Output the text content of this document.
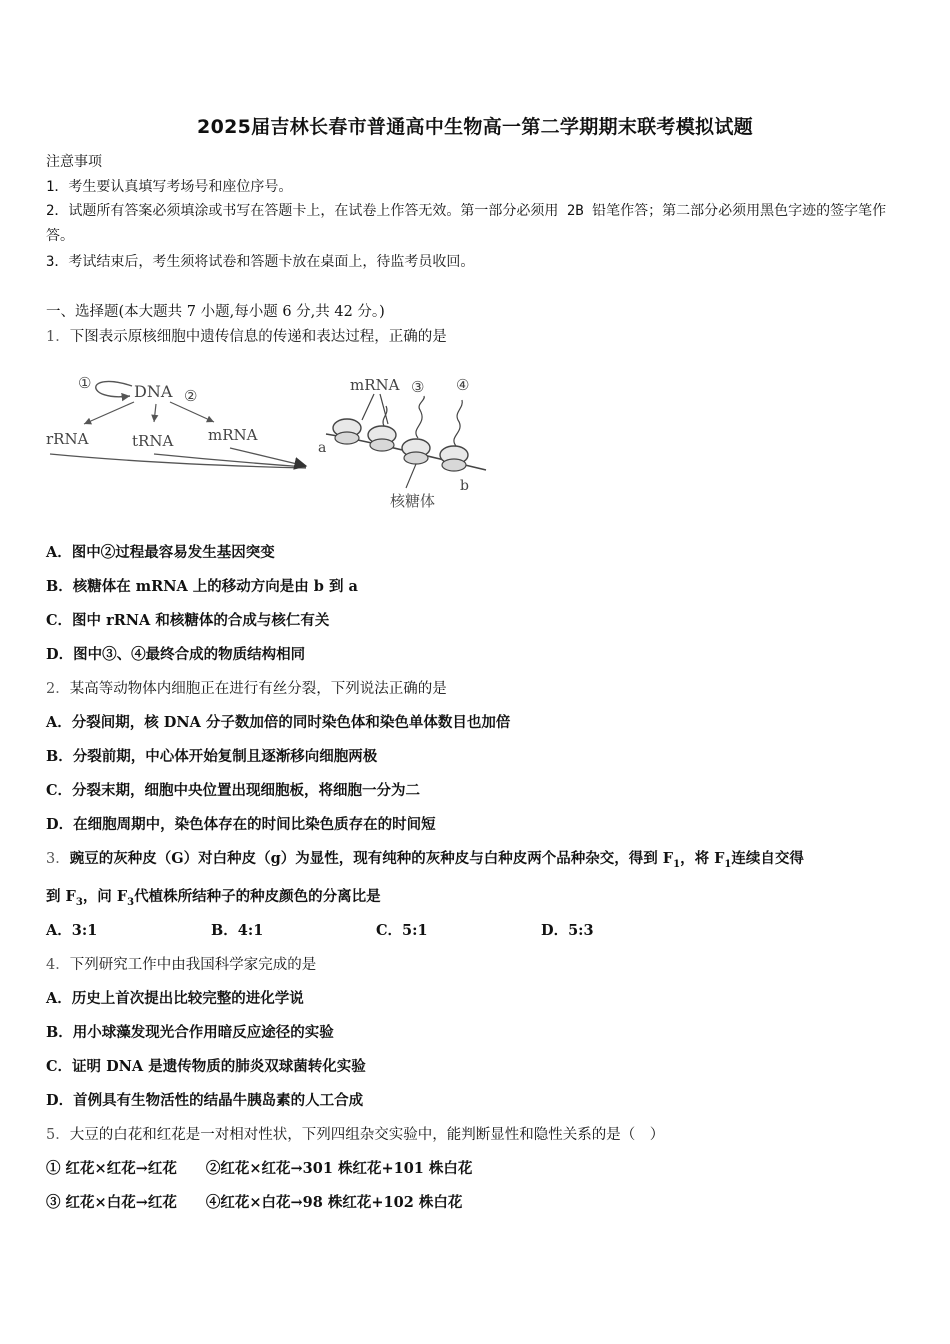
2025届吉林长春市普通高中生物高一第二学期期末联考模拟试题
注意事项
1．考生要认真填写考场号和座位序号。
2．试题所有答案必须填涂或书写在答题卡上，在试卷上作答无效。第一部分必须用 2B 铅笔作答；第二部分必须用黑色字迹的签字笔作答。
3．考试结束后，考生须将试卷和答题卡放在桌面上，待监考员收回。
一、选择题(本大题共 7 小题,每小题 6 分,共 42 分。)
1．下图表示原核细胞中遗传信息的传递和表达过程，正确的是
①	DNA ②
rRNA	tRNA mRNA
mRNA ③ ④
a
b
核糖体
A．图中②过程最容易发生基因突变
B．核糖体在 mRNA 上的移动方向是由 b 到 a
C．图中 rRNA 和核糖体的合成与核仁有关
D．图中③、④最终合成的物质结构相同
2．某高等动物体内细胞正在进行有丝分裂，下列说法正确的是
A．分裂间期，核 DNA 分子数加倍的同时染色体和染色单体数目也加倍
B．分裂前期，中心体开始复制且逐渐移向细胞两极
C．分裂末期，细胞中央位置出现细胞板，将细胞一分为二
D．在细胞周期中，染色体存在的时间比染色质存在的时间短
3．豌豆的灰种皮（G）对白种皮（g）为显性，现有纯种的灰种皮与白种皮两个品种杂交，得到 $F_1$，将 $F_1$连续自交得
到 $F_3$，问 $F_3$代植株所结种子的种皮颜色的分离比是
A．3:1	B．4:1	C．5:1	D．5:3
4．下列研究工作中由我国科学家完成的是
A．历史上首次提出比较完整的进化学说
B．用小球藻发现光合作用暗反应途径的实验
C．证明 DNA 是遗传物质的肺炎双球菌转化实验
D．首例具有生物活性的结晶牛胰岛素的人工合成
5．大豆的白花和红花是一对相对性状，下列四组杂交实验中，能判断显性和隐性关系的是（　）
① 红花×红花→红花　　②红花×红花→301 株红花+101 株白花
③ 红花×白花→红花　　④红花×白花→98 株红花+102 株白花
